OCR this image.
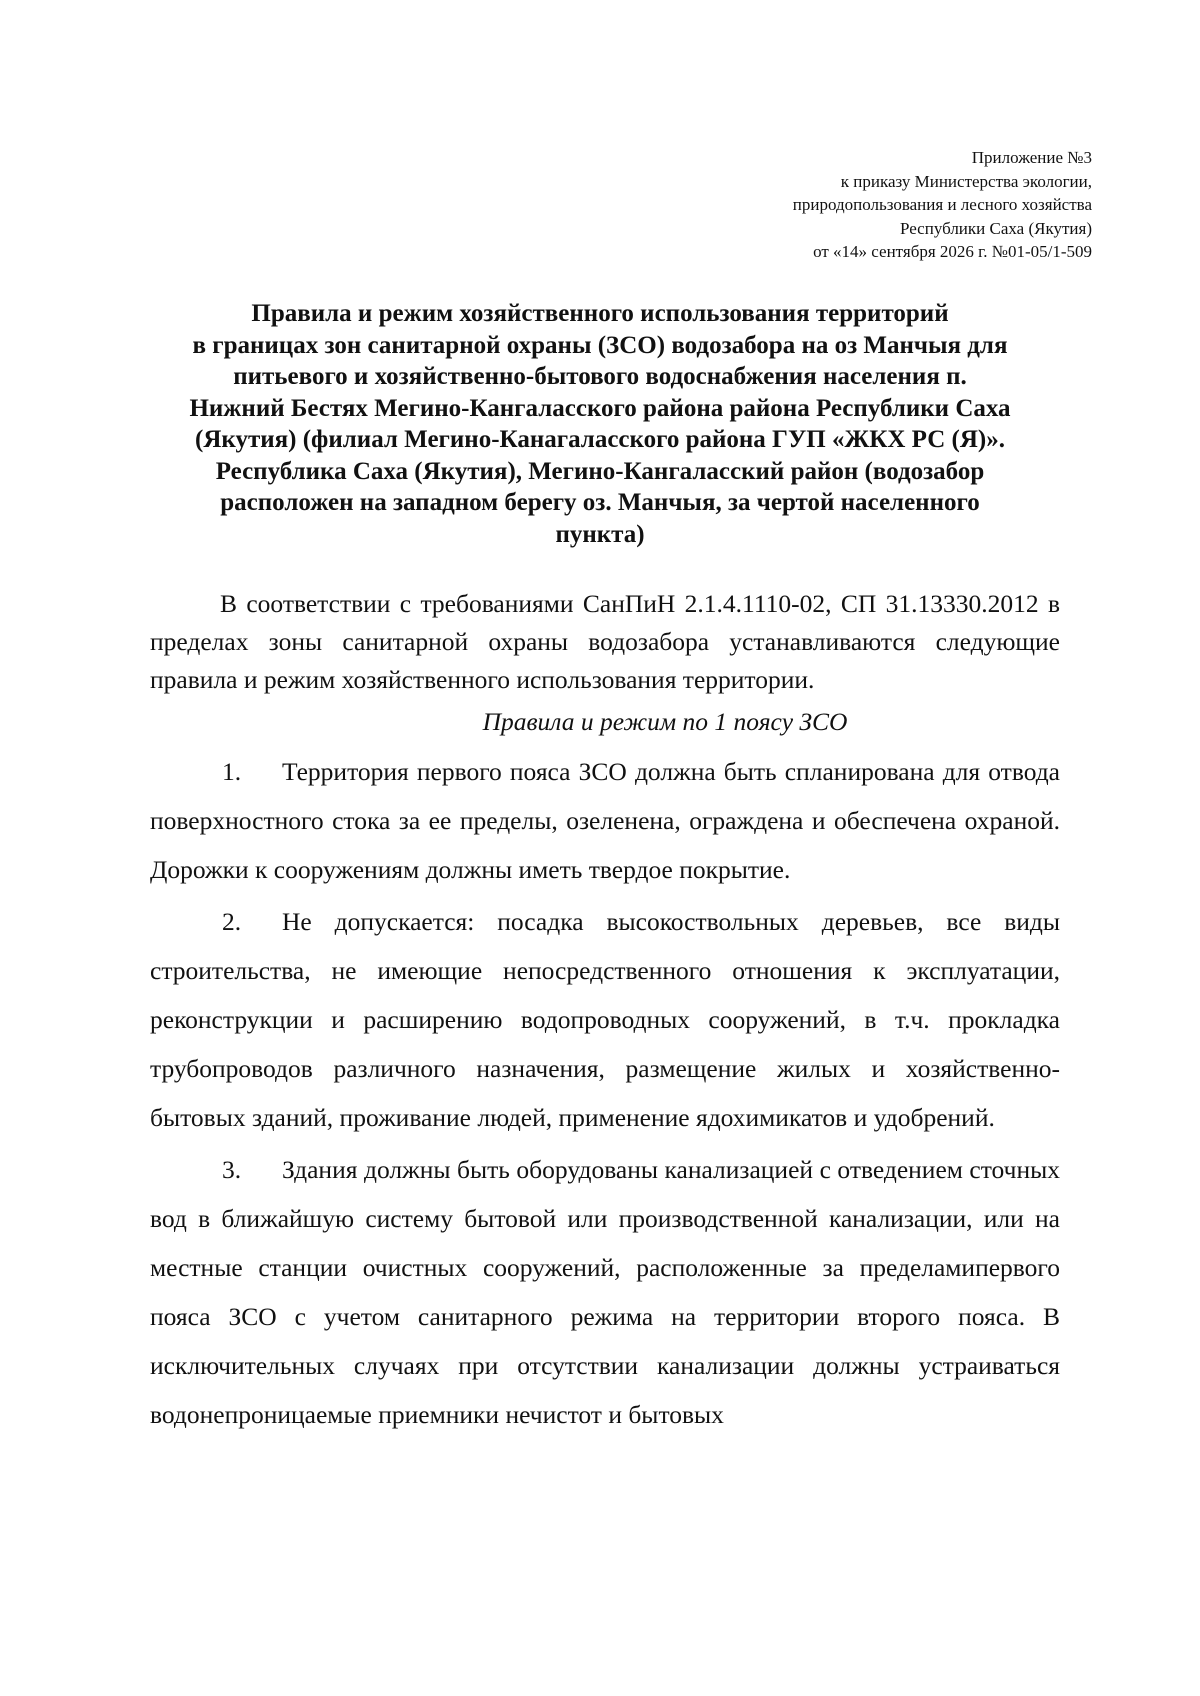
Приложение №3
к приказу Министерства экологии,
природопользования и лесного хозяйства
Республики Саха (Якутия)
от «14» сентября 2026 г. №01-05/1-509
Правила и режим хозяйственного использования территорий
в границах зон санитарной охраны (ЗСО) водозабора на оз Манчыя для
питьевого и хозяйственно-бытового водоснабжения населения п.
Нижний Бестях Мегино-Кангаласского района района Республики Саха
(Якутия) (филиал Мегино-Канагаласского района ГУП «ЖКХ РС (Я)».
Республика Саха (Якутия), Мегино-Кангаласский район (водозабор
расположен на западном берегу оз. Манчыя, за чертой населенного
пункта)

В соответствии с требованиями СанПиН 2.1.4.1110-02, СП 31.13330.2012 в пределах зоны санитарной охраны водозабора устанавливаются следующие правила и режим хозяйственного использования территории.

Правила и режим по 1 поясу ЗСО

1. Территория первого пояса ЗСО должна быть спланирована для отвода поверхностного стока за ее пределы, озеленена, ограждена и обеспечена охраной. Дорожки к сооружениям должны иметь твердое покрытие.

2. Не допускается: посадка высокоствольных деревьев, все виды строительства, не имеющие непосредственного отношения к эксплуатации, реконструкции и расширению водопроводных сооружений, в т.ч. прокладка трубопроводов различного назначения, размещение жилых и хозяйственно-бытовых зданий, проживание людей, применение ядохимикатов и удобрений.

3. Здания должны быть оборудованы канализацией с отведением сточных вод в ближайшую систему бытовой или производственной канализации, или на местные станции очистных сооружений, расположенные за пределамипервого пояса ЗСО с учетом санитарного режима на территории второго пояса. В исключительных случаях при отсутствии канализации должны устраиваться водонепроницаемые приемники нечистот и бытовых
